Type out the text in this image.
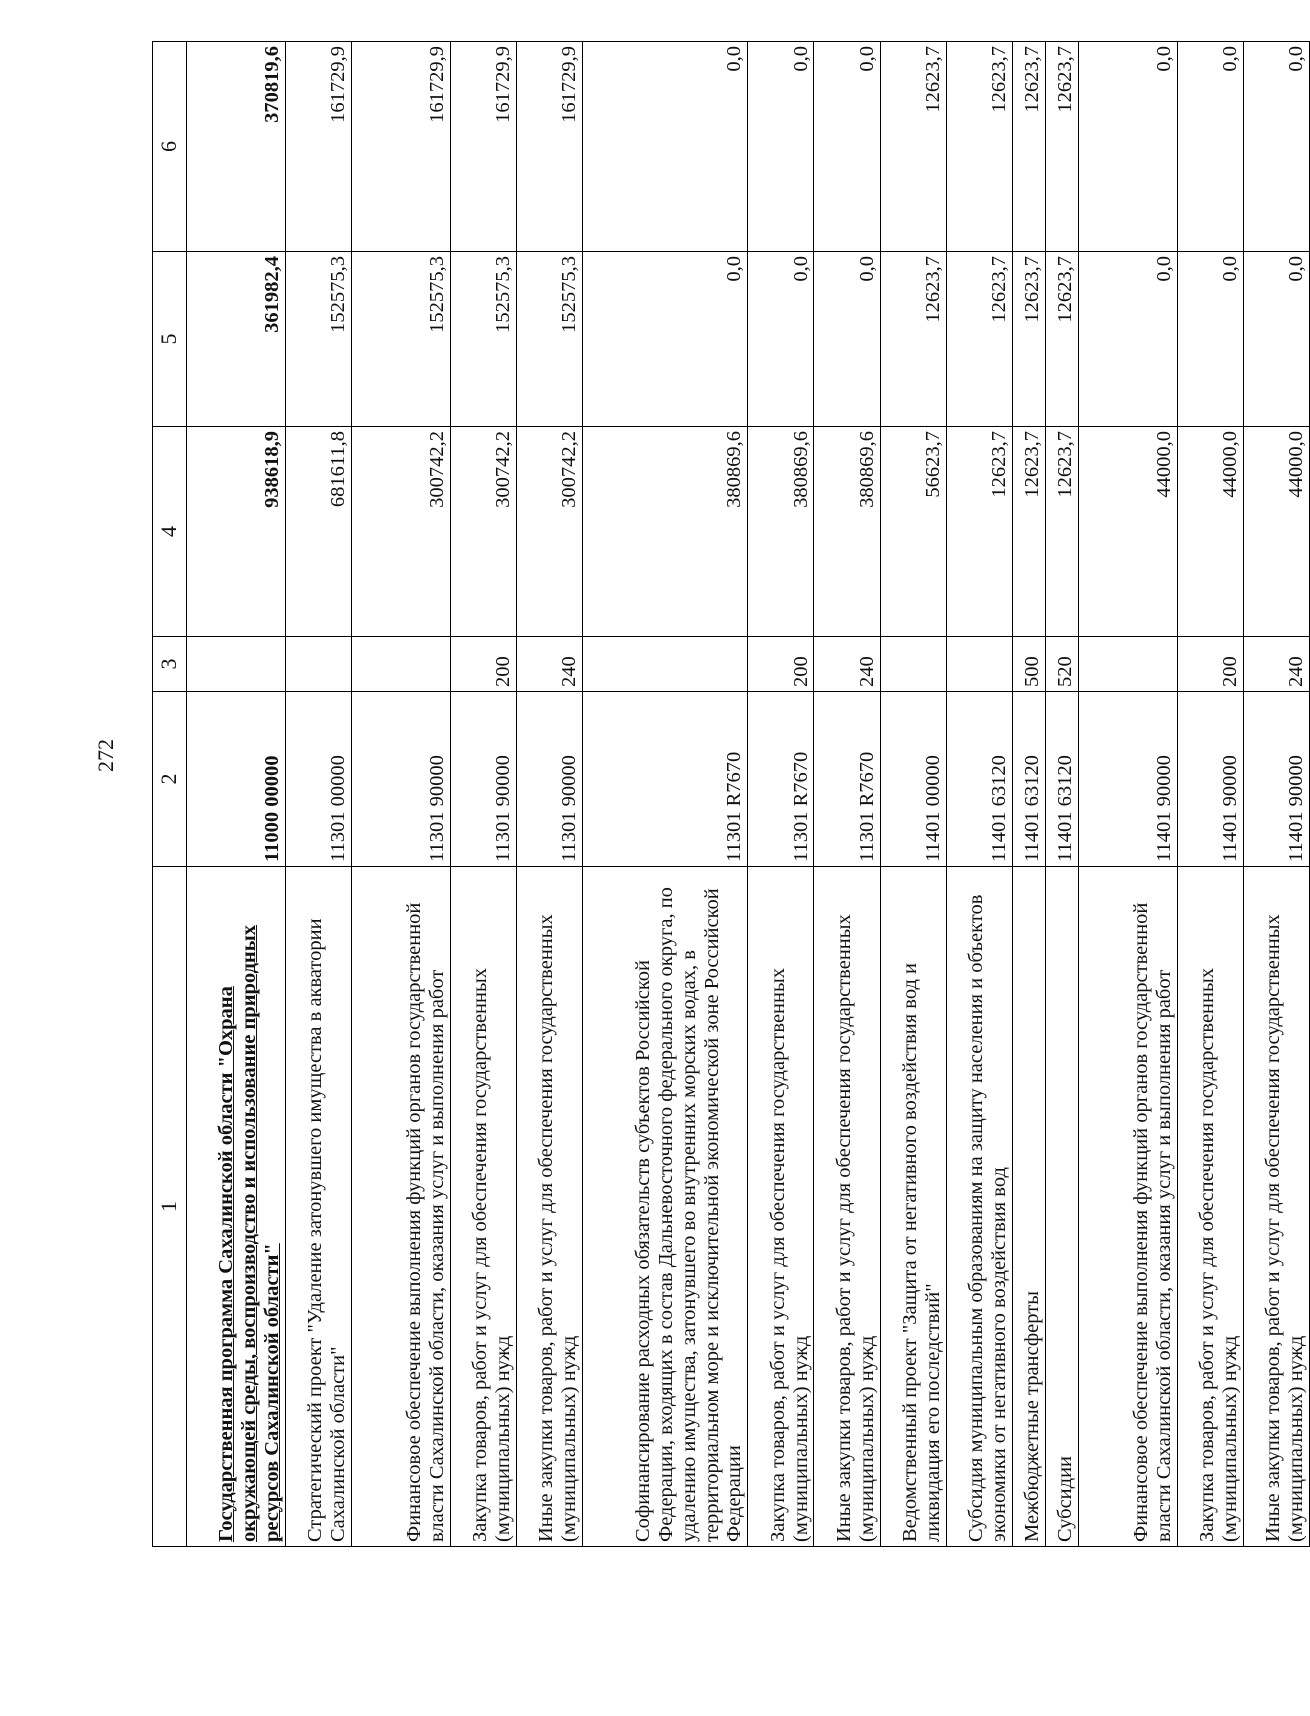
272
1	2	3	4	5	6
Государственная программа Сахалинской области "Охрана окружающей среды, воспроизводство и использование природных ресурсов Сахалинской области"	11000 00000		938618,9	361982,4	370819,6
Стратегический проект "Удаление затонувшего имущества в акватории Сахалинской области"	11301 00000		681611,8	152575,3	161729,9
Финансовое обеспечение выполнения функций органов государственной власти Сахалинской области, оказания услуг и выполнения работ	11301 90000		300742,2	152575,3	161729,9
Закупка товаров, работ и услуг для обеспечения государственных (муниципальных) нужд	11301 90000	200	300742,2	152575,3	161729,9
Иные закупки товаров, работ и услуг для обеспечения государственных (муниципальных) нужд	11301 90000	240	300742,2	152575,3	161729,9
Софинансирование расходных обязательств субъектов Российской Федерации, входящих в состав Дальневосточного федерального округа, по удалению имущества, затонувшего во внутренних морских водах, в территориальном море и исключительной экономической зоне Российской Федерации	11301 R7670		380869,6	0,0	0,0
Закупка товаров, работ и услуг для обеспечения государственных (муниципальных) нужд	11301 R7670	200	380869,6	0,0	0,0
Иные закупки товаров, работ и услуг для обеспечения государственных (муниципальных) нужд	11301 R7670	240	380869,6	0,0	0,0
Ведомственный проект "Защита от негативного воздействия вод и ликвидация его последствий"	11401 00000		56623,7	12623,7	12623,7
Субсидия муниципальным образованиям на защиту населения и объектов экономики от негативного воздействия вод	11401 63120		12623,7	12623,7	12623,7
Межбюджетные трансферты	11401 63120	500	12623,7	12623,7	12623,7
Субсидии	11401 63120	520	12623,7	12623,7	12623,7
Финансовое обеспечение выполнения функций органов государственной власти Сахалинской области, оказания услуг и выполнения работ	11401 90000		44000,0	0,0	0,0
Закупка товаров, работ и услуг для обеспечения государственных (муниципальных) нужд	11401 90000	200	44000,0	0,0	0,0
Иные закупки товаров, работ и услуг для обеспечения государственных (муниципальных) нужд	11401 90000	240	44000,0	0,0	0,0
